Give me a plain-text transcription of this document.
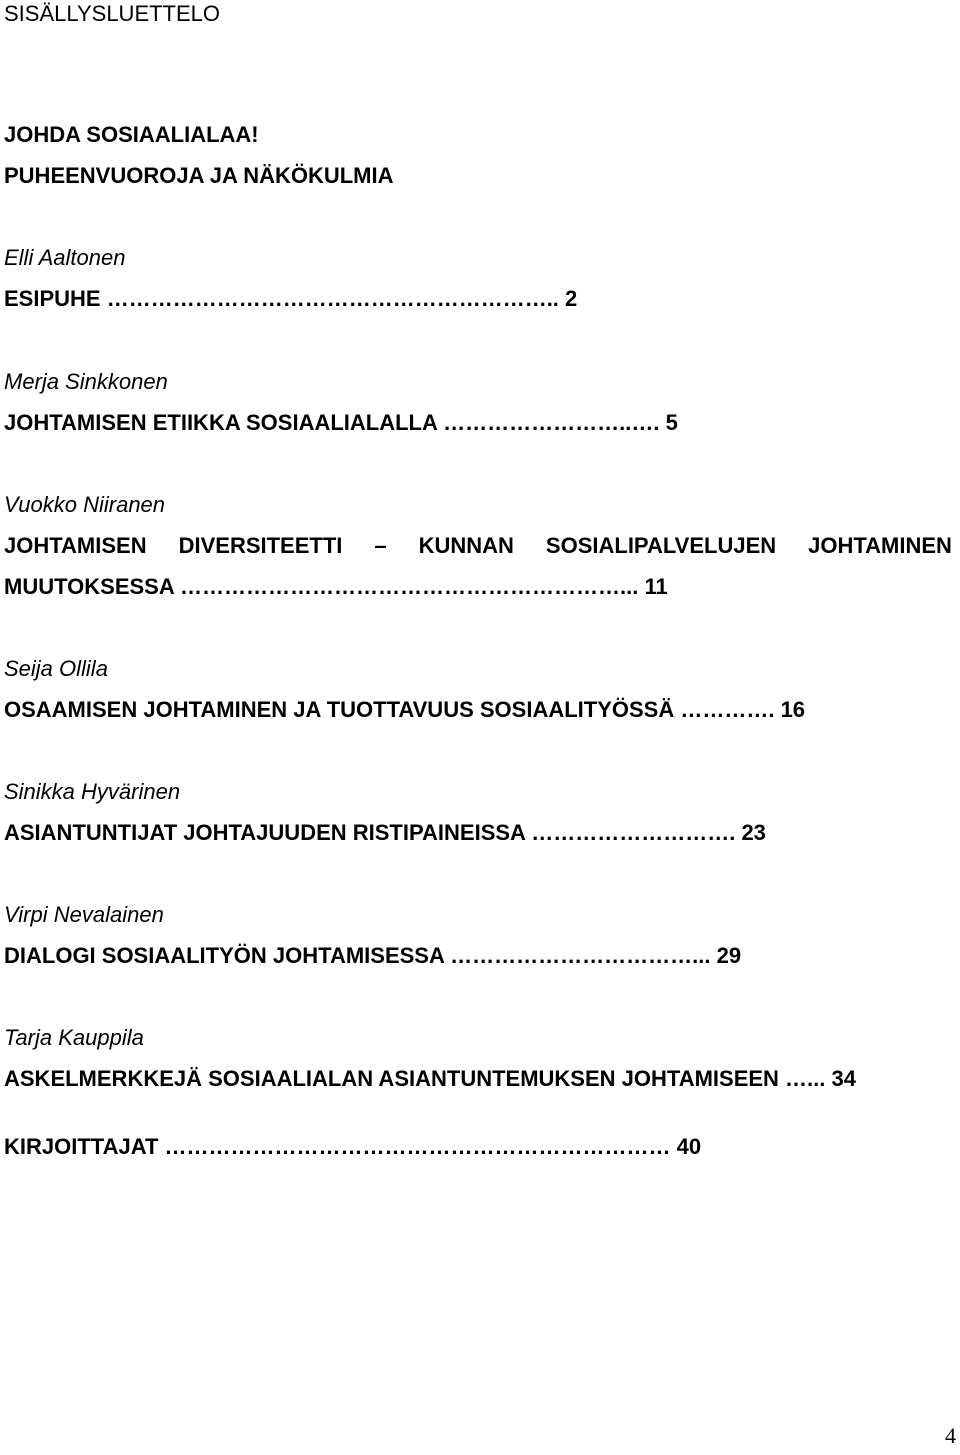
SISÄLLYSLUETTELO
JOHDA SOSIAALIALAA!
PUHEENVUOROJA JA NÄKÖKULMIA
Elli Aaltonen
ESIPUHE …………………………………………………….. 2
Merja Sinkkonen
JOHTAMISEN ETIIKKA SOSIAALIALALLA ……………………..…. 5
Vuokko Niiranen
JOHTAMISEN DIVERSITEETTI – KUNNAN SOSIALIPALVELUJEN JOHTAMINEN
MUUTOKSESSA ……………………………………………………... 11
Seija Ollila
OSAAMISEN JOHTAMINEN JA TUOTTAVUUS SOSIAALITYÖSSÄ …………. 16
Sinikka Hyvärinen
ASIANTUNTIJAT JOHTAJUUDEN RISTIPAINEISSA ………………………. 23
Virpi Nevalainen
DIALOGI SOSIAALITYÖN JOHTAMISESSA ……………………………... 29
Tarja Kauppila
ASKELMERKKEJÄ SOSIAALIALAN ASIANTUNTEMUKSEN JOHTAMISEEN …... 34
KIRJOITTAJAT …………………………………………………………… 40
4
